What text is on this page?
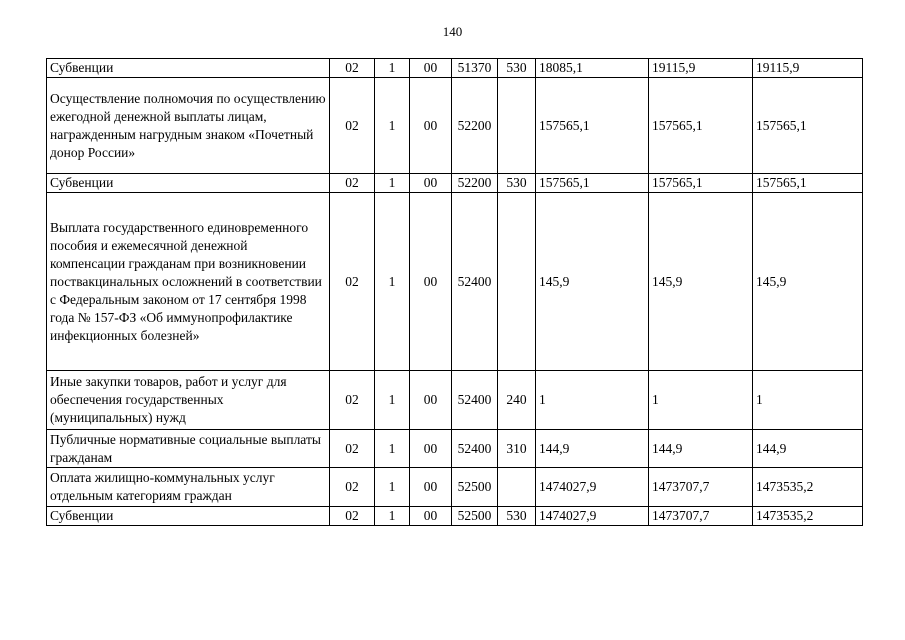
140
Субвенции	02	1	00	51370	530	18085,1	19115,9	19115,9
Осуществление полномочия по осуществлению ежегодной денежной выплаты лицам, награжденным нагрудным знаком «Почетный донор России»	02	1	00	52200		157565,1	157565,1	157565,1
Субвенции	02	1	00	52200	530	157565,1	157565,1	157565,1
Выплата государственного единовременного пособия и ежемесячной денежной компенсации гражданам при возникновении поствакцинальных осложнений в соответствии с Федеральным законом от 17 сентября 1998 года № 157-ФЗ «Об иммунопрофилактике инфекционных болезней»	02	1	00	52400		145,9	145,9	145,9
Иные закупки товаров, работ и услуг для обеспечения государственных (муниципальных) нужд	02	1	00	52400	240	1	1	1
Публичные нормативные социальные выплаты гражданам	02	1	00	52400	310	144,9	144,9	144,9
Оплата жилищно-коммунальных услуг отдельным категориям граждан	02	1	00	52500		1474027,9	1473707,7	1473535,2
Субвенции	02	1	00	52500	530	1474027,9	1473707,7	1473535,2
